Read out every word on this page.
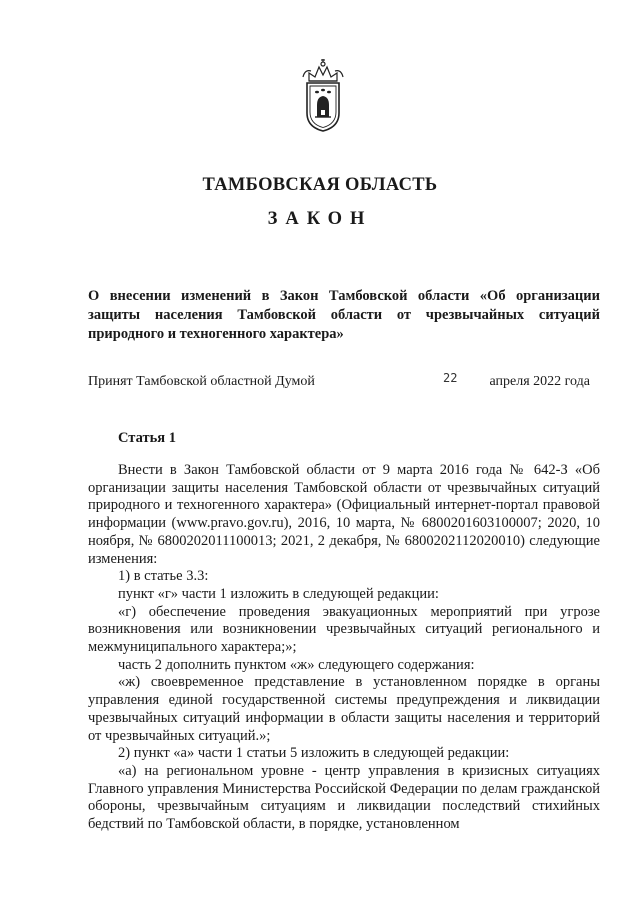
ТАМБОВСКАЯ ОБЛАСТЬ
ЗАКОН
О внесении изменений в Закон Тамбовской области «Об организации защиты населения Тамбовской области от чрезвычайных ситуаций природного и техногенного характера»
Принят Тамбовской областной Думой	22 апреля 2022 года
Статья 1

Внести в Закон Тамбовской области от 9 марта 2016 года № 642-З «Об организации защиты населения Тамбовской области от чрезвычайных ситуаций природного и техногенного характера» (Официальный интернет-портал правовой информации (www.pravo.gov.ru), 2016, 10 марта, № 6800201603100007; 2020, 10 ноября, № 6800202011100013; 2021, 2 декабря, № 6800202112020010) следующие изменения:

1) в статье 3.3:

пункт «г» части 1 изложить в следующей редакции:

«г) обеспечение проведения эвакуационных мероприятий при угрозе возникновения или возникновении чрезвычайных ситуаций регионального и межмуниципального характера;»;

часть 2 дополнить пунктом «ж» следующего содержания:

«ж) своевременное представление в установленном порядке в органы управления единой государственной системы предупреждения и ликвидации чрезвычайных ситуаций информации в области защиты населения и территорий от чрезвычайных ситуаций.»;

2) пункт «а» части 1 статьи 5 изложить в следующей редакции:

«а) на региональном уровне - центр управления в кризисных ситуациях Главного управления Министерства Российской Федерации по делам гражданской обороны, чрезвычайным ситуациям и ликвидации последствий стихийных бедствий по Тамбовской области, в порядке, установленном
